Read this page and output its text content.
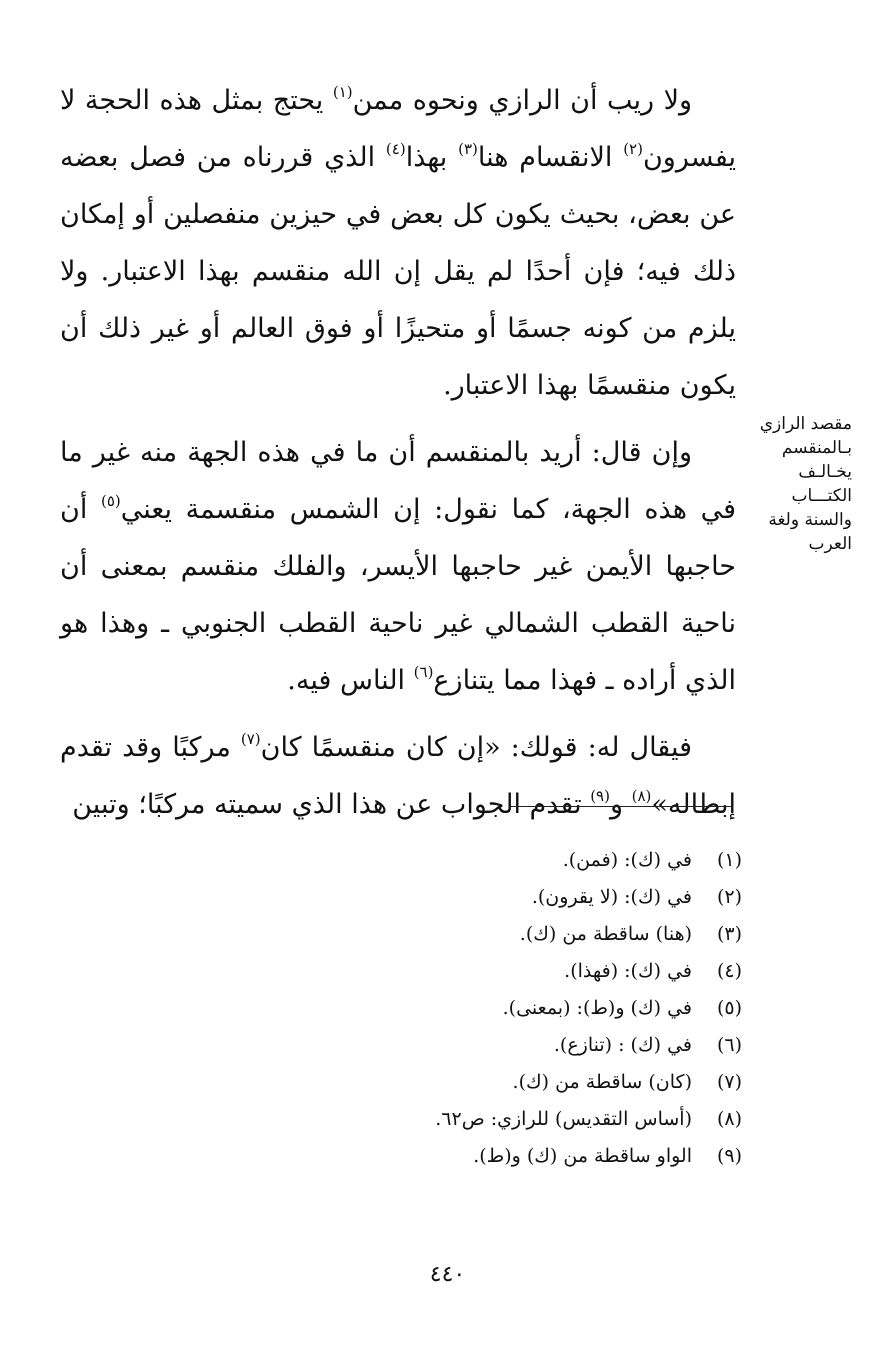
ولا ريب أن الرازي ونحوه ممن$^{(١)}$ يحتج بمثل هذه الحجة لا يفسرون$^{(٢)}$ الانقسام هنا$^{(٣)}$ بهذا$^{(٤)}$ الذي قررناه من فصل بعضه عن بعض، بحيث يكون كل بعض في حيزين منفصلين أو إمكان ذلك فيه؛ فإن أحدًا لم يقل إن الله منقسم بهذا الاعتبار. ولا يلزم من كونه جسمًا أو متحيزًا أو فوق العالم أو غير ذلك أن يكون منقسمًا بهذا الاعتبار.

وإن قال: أريد بالمنقسم أن ما في هذه الجهة منه غير ما في هذه الجهة، كما نقول: إن الشمس منقسمة يعني$^{(٥)}$ أن حاجبها الأيمن غير حاجبها الأيسر، والفلك منقسم بمعنى أن ناحية القطب الشمالي غير ناحية القطب الجنوبي ـ وهذا هو الذي أراده ـ فهذا مما يتنازع$^{(٦)}$ الناس فيه.

فيقال له: قولك: «إن كان منقسمًا كان$^{(٧)}$ مركبًا وقد تقدم إبطاله»$^{(٨)}$ و$^{(٩)}$ تقدم الجواب عن هذا الذي سميته مركبًا؛ وتبين

مقصد الرازي
بـالمنقسم
يخـالـف
الكتـــاب
والسنة ولغة
العرب
(١)
في (ك): (فمن).
(٢)
في (ك): (لا يقرون).
(٣)
(هنا) ساقطة من (ك).
(٤)
في (ك): (فهذا).
(٥)
في (ك) و(ط): (بمعنى).
(٦)
في (ك) : (تنازع).
(٧)
(كان) ساقطة من (ك).
(٨)
(أساس التقديس) للرازي: ص٦٢.
(٩)
الواو ساقطة من (ك) و(ط).
٤٤٠
